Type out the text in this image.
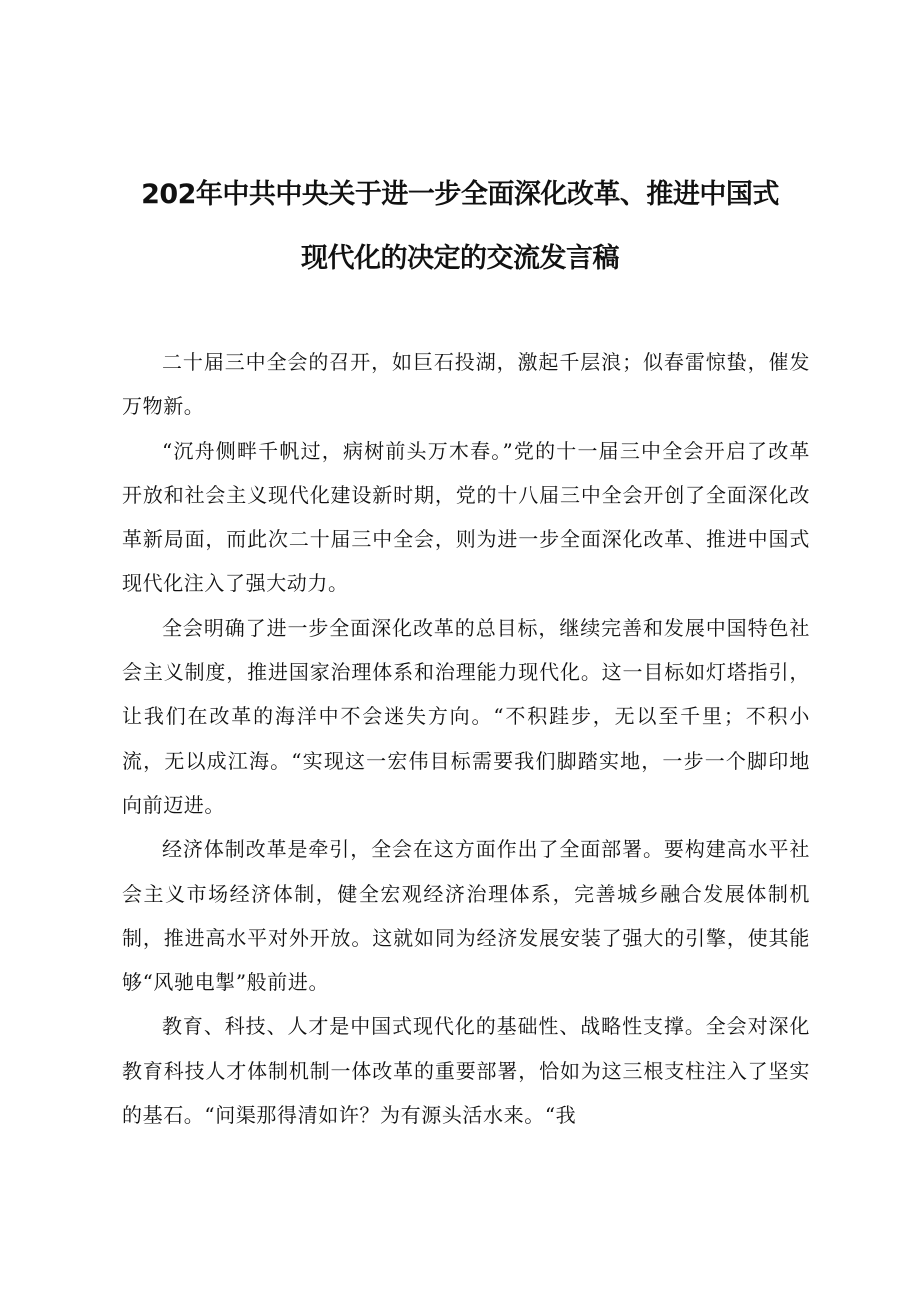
202年中共中央关于进一步全面深化改革、推进中国式
现代化的决定的交流发言稿

二十届三中全会的召开，如巨石投湖，激起千层浪；似春雷惊蛰，催发万物新。

“沉舟侧畔千帆过，病树前头万木春。”党的十一届三中全会开启了改革开放和社会主义现代化建设新时期，党的十八届三中全会开创了全面深化改革新局面，而此次二十届三中全会，则为进一步全面深化改革、推进中国式现代化注入了强大动力。

全会明确了进一步全面深化改革的总目标，继续完善和发展中国特色社会主义制度，推进国家治理体系和治理能力现代化。这一目标如灯塔指引，让我们在改革的海洋中不会迷失方向。“不积跬步，无以至千里；不积小流，无以成江海。“实现这一宏伟目标需要我们脚踏实地，一步一个脚印地向前迈进。

经济体制改革是牵引，全会在这方面作出了全面部署。要构建高水平社会主义市场经济体制，健全宏观经济治理体系，完善城乡融合发展体制机制，推进高水平对外开放。这就如同为经济发展安装了强大的引擎，使其能够“风驰电掣”般前进。

教育、科技、人才是中国式现代化的基础性、战略性支撑。全会对深化教育科技人才体制机制一体改革的重要部署，恰如为这三根支柱注入了坚实的基石。“问渠那得清如许？为有源头活水来。“我
